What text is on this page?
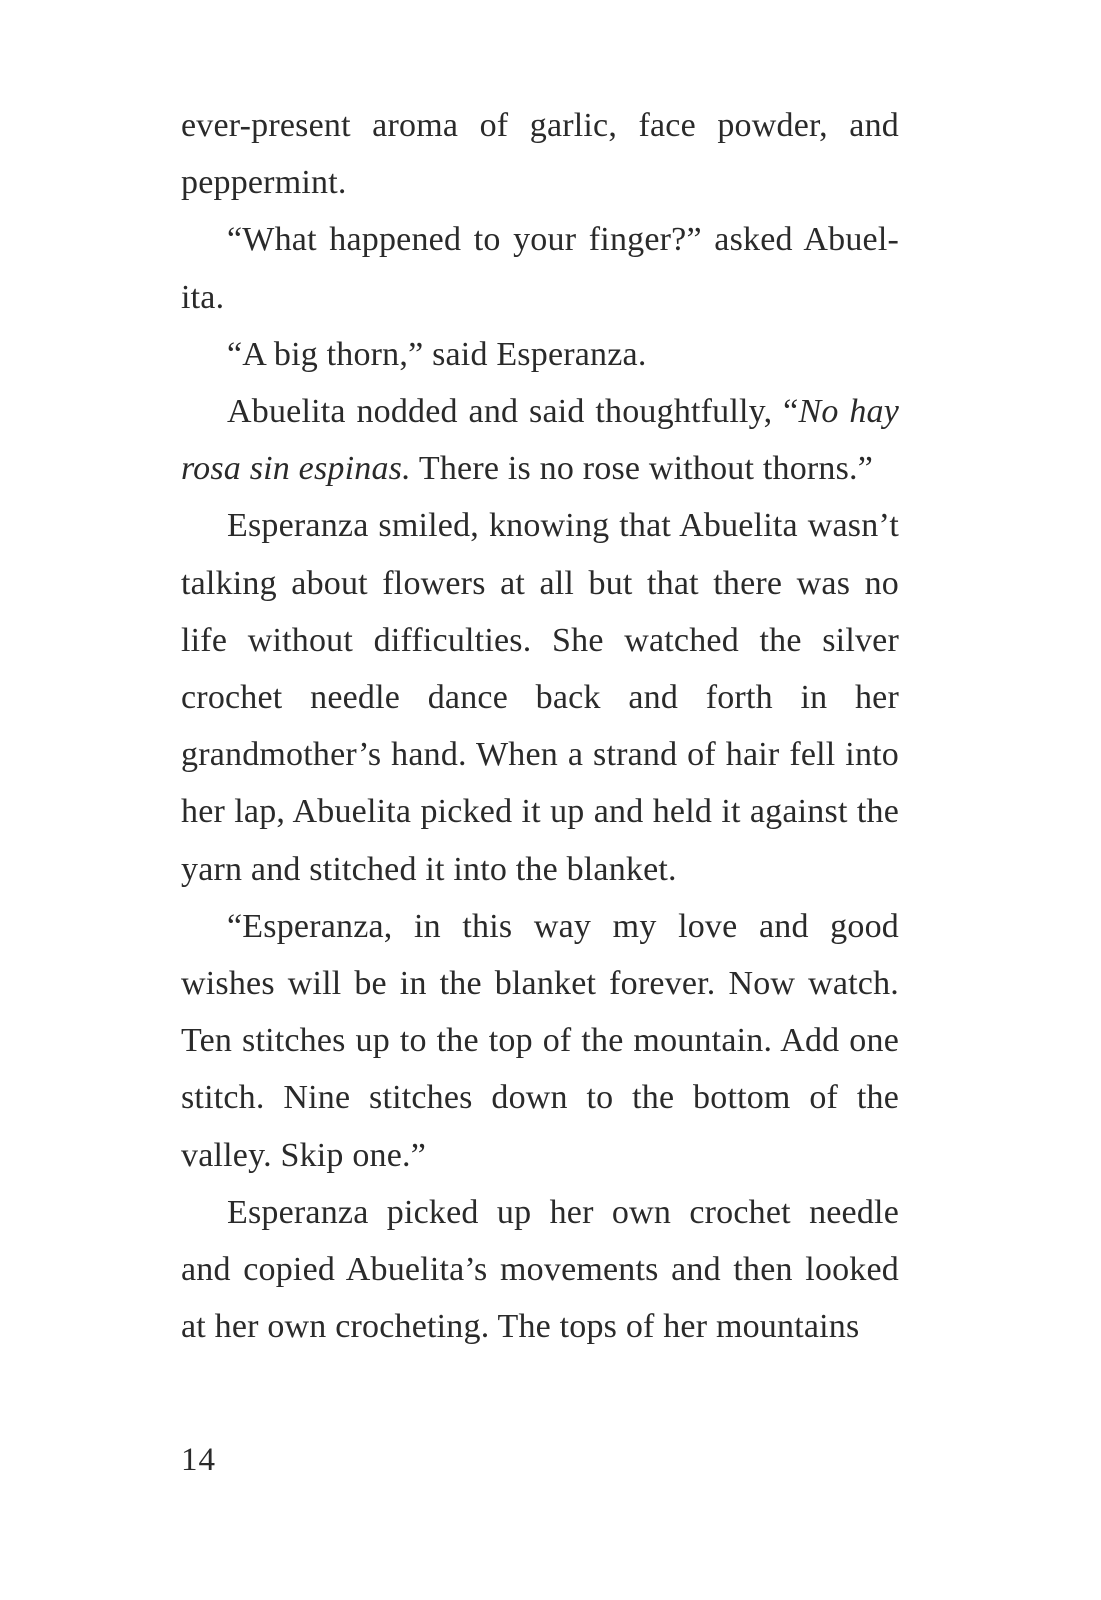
ever-present aroma of garlic, face powder, and peppermint.

“What happened to your finger?” asked Abuel-ita.

“A big thorn,” said Esperanza.

Abuelita nodded and said thoughtfully, “No hay rosa sin espinas. There is no rose without thorns.”

Esperanza smiled, knowing that Abuelita wasn’t talking about flowers at all but that there was no life without difficulties. She watched the silver crochet needle dance back and forth in her grandmother’s hand. When a strand of hair fell into her lap, Abuelita picked it up and held it against the yarn and stitched it into the blanket.

“Esperanza, in this way my love and good wishes will be in the blanket forever. Now watch. Ten stitches up to the top of the mountain. Add one stitch. Nine stitches down to the bottom of the valley. Skip one.”

Esperanza picked up her own crochet needle and copied Abuelita’s movements and then looked at her own crocheting. The tops of her mountains

14
